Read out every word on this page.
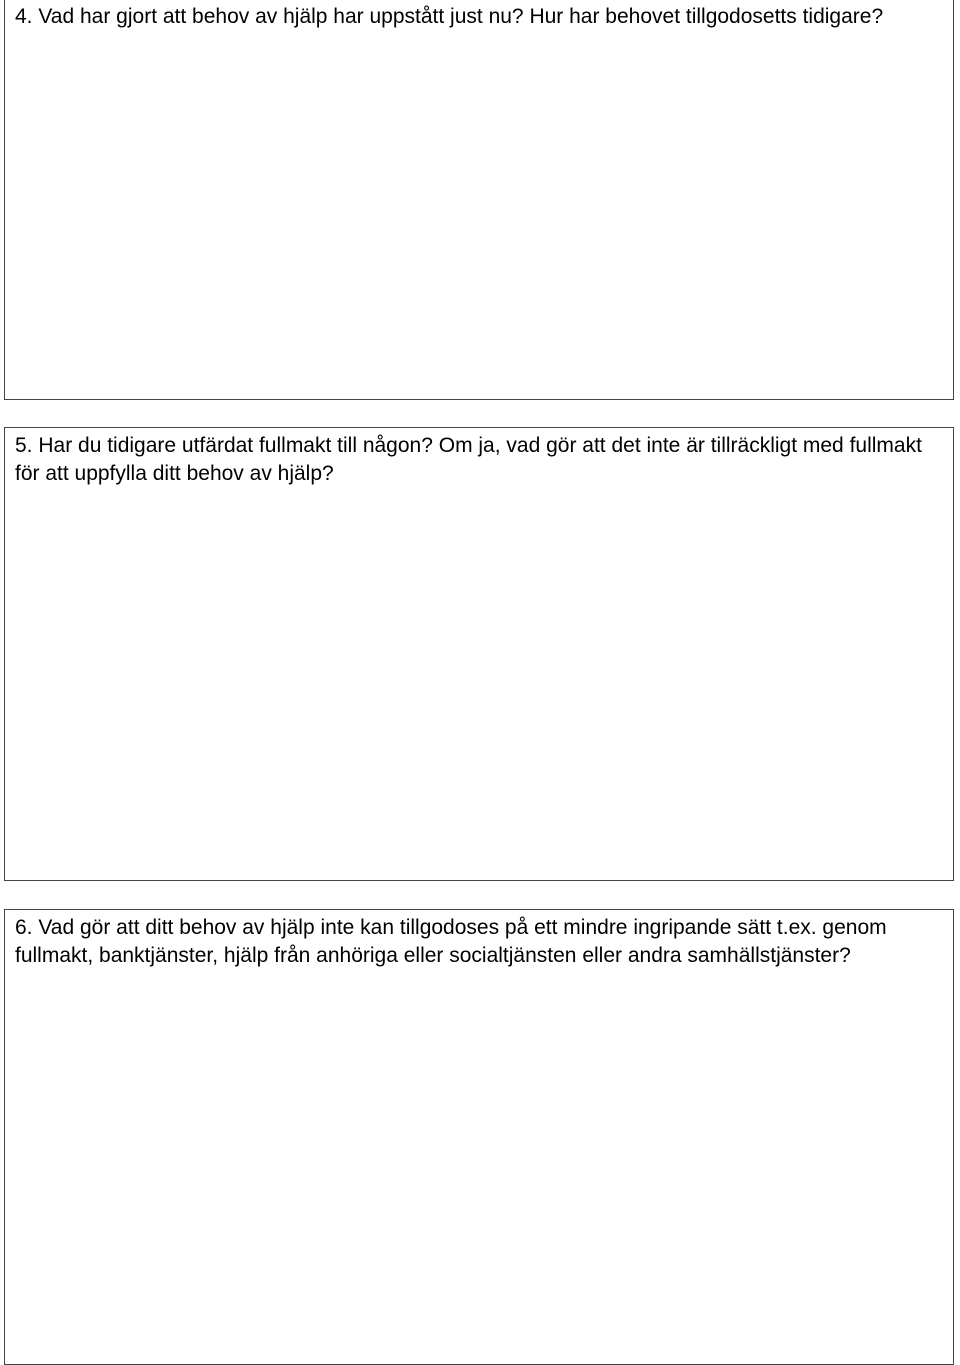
4. Vad har gjort att behov av hjälp har uppstått just nu? Hur har behovet tillgodosetts tidigare?

5. Har du tidigare utfärdat fullmakt till någon? Om ja, vad gör att det inte är tillräckligt med fullmakt för att uppfylla ditt behov av hjälp?

6. Vad gör att ditt behov av hjälp inte kan tillgodoses på ett mindre ingripande sätt t.ex. genom fullmakt, banktjänster, hjälp från anhöriga eller socialtjänsten eller andra samhällstjänster?
